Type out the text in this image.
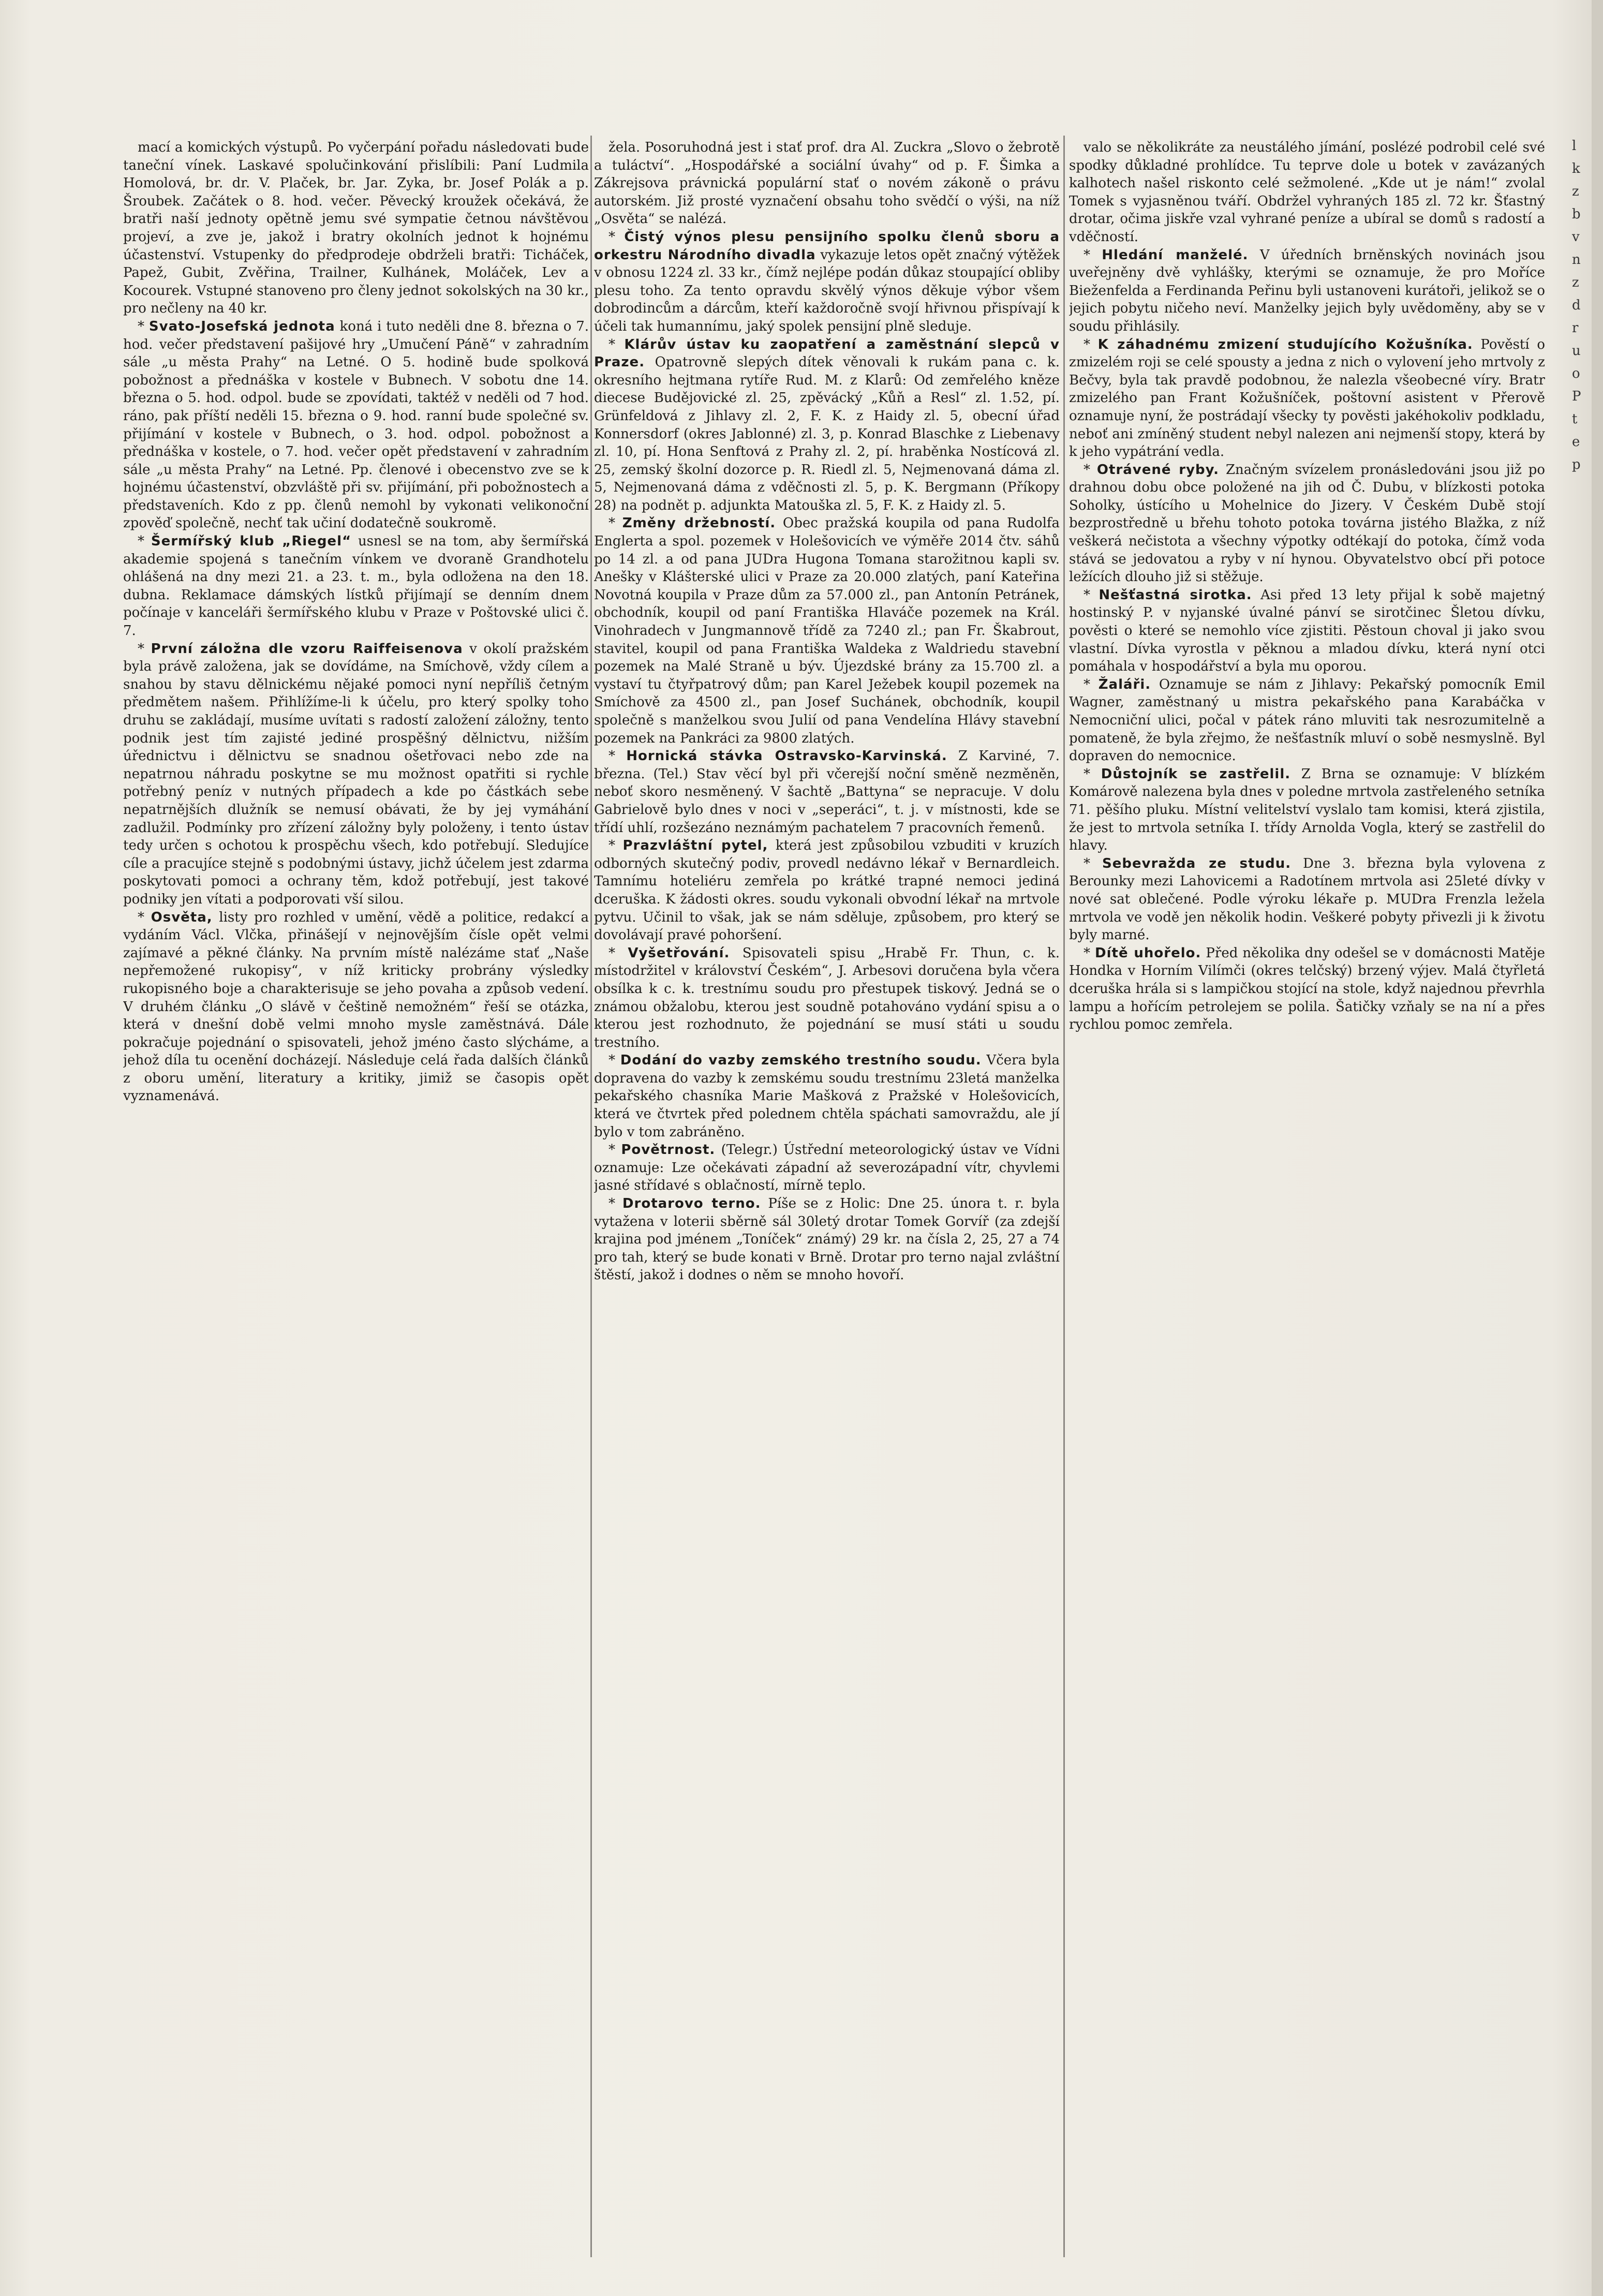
mací a komických výstupů. Po vyčerpání pořadu následovati bude taneční vínek. Laskavé spolučinkování přislíbili: Paní Ludmila Homolová, br. dr. V. Plaček, br. Jar. Zyka, br. Josef Polák a p. Šroubek. Začátek o 8. hod. večer. Pěvecký kroužek očekává, že bratři naší jednoty opětně jemu své sympatie četnou návštěvou projeví, a zve je, jakož i bratry okolních jednot k hojnému účastenství. Vstupenky do předprodeje obdrželi bratři: Ticháček, Papež, Gubit, Zvěřina, Trailner, Kulhánek, Moláček, Lev a Kocourek. Vstupné stanoveno pro členy jednot sokolských na 30 kr., pro nečleny na 40 kr.

* Svato-Josefská jednota koná i tuto neděli dne 8. března o 7. hod. večer představení pašijové hry „Umučení Páně“ v zahradním sále „u města Prahy“ na Letné. O 5. hodině bude spolková pobožnost a přednáška v kostele v Bubnech. V sobotu dne 14. března o 5. hod. odpol. bude se zpovídati, taktéž v neděli od 7 hod. ráno, pak příští neděli 15. března o 9. hod. ranní bude společné sv. přijímání v kostele v Bubnech, o 3. hod. odpol. pobožnost a přednáška v kostele, o 7. hod. večer opět představení v zahradním sále „u města Prahy“ na Letné. Pp. členové i obecenstvo zve se k hojnému účastenství, obzvláště při sv. přijímání, při pobožnostech a představeních. Kdo z pp. členů nemohl by vykonati velikonoční zpověď společně, nechť tak učiní dodatečně soukromě.

* Šermířský klub „Riegel“ usnesl se na tom, aby šermířská akademie spojená s tanečním vínkem ve dvoraně Grandhotelu ohlášená na dny mezi 21. a 23. t. m., byla odložena na den 18. dubna. Reklamace dámských lístků přijímají se denním dnem počínaje v kanceláři šermířského klubu v Praze v Poštovské ulici č. 7.

* První záložna dle vzoru Raiffeisenova v okolí pražském byla právě založena, jak se dovídáme, na Smíchově, vždy cílem a snahou by stavu dělnickému nějaké pomoci nyní nepříliš četným předmětem našem. Přihlížíme-li k účelu, pro který spolky toho druhu se zakládají, musíme uvítati s radostí založení záložny, tento podnik jest tím zajisté jediné prospěšný dělnictvu, nižším úřednictvu i dělnictvu se snadnou ošetřovaci nebo zde na nepatrnou náhradu poskytne se mu možnost opatřiti si rychle potřebný peníz v nutných případech a kde po částkách sebe nepatrnějších dlužník se nemusí obávati, že by jej vymáhání zadlužil. Podmínky pro zřízení záložny byly položeny, i tento ústav tedy určen s ochotou k prospěchu všech, kdo potřebují. Sledujíce cíle a pracujíce stejně s podobnými ústavy, jichž účelem jest zdarma poskytovati pomoci a ochrany těm, kdož potřebují, jest takové podniky jen vítati a podporovati vší silou.

* Osvěta, listy pro rozhled v umění, vědě a politice, redakcí a vydáním Václ. Vlčka, přinášejí v nejnovějším čísle opět velmi zajímavé a pěkné články. Na prvním místě nalézáme stať „Naše nepřemožené rukopisy“, v níž kriticky probrány výsledky rukopisného boje a charakterisuje se jeho povaha a způsob vedení. V druhém článku „O slávě v češtině nemožném“ řeší se otázka, která v dnešní době velmi mnoho mysle zaměstnává. Dále pokračuje pojednání o spisovateli, jehož jméno často slýcháme, a jehož díla tu ocenění docházejí. Následuje celá řada dalších článků z oboru umění, literatury a kritiky, jimiž se časopis opět vyznamenává.

žela. Posoruhodná jest i stať prof. dra Al. Zuckra „Slovo o žebrotě a tuláctví“. „Hospodářské a sociální úvahy“ od p. F. Šimka a Zákrejsova právnická populární stať o novém zákoně o právu autorském. Již prosté vyznačení obsahu toho svědčí o výši, na níž „Osvěta“ se nalézá.

* Čistý výnos plesu pensijního spolku členů sboru a orkestru Národního divadla vykazuje letos opět značný výtěžek v obnosu 1224 zl. 33 kr., čímž nejlépe podán důkaz stoupající obliby plesu toho. Za tento opravdu skvělý výnos děkuje výbor všem dobrodincům a dárcům, kteří každoročně svojí hřivnou přispívají k účeli tak humannímu, jaký spolek pensijní plně sleduje.

* Klárův ústav ku zaopatření a zaměstnání slepců v Praze. Opatrovně slepých dítek věnovali k rukám pana c. k. okresního hejtmana rytíře Rud. M. z Klarů: Od zemřelého kněze diecese Budějovické zl. 25, zpěvácký „Kůň a Resl“ zl. 1.52, pí. Grünfeldová z Jihlavy zl. 2, F. K. z Haidy zl. 5, obecní úřad Konnersdorf (okres Jablonné) zl. 3, p. Konrad Blaschke z Liebenavy zl. 10, pí. Hona Senftová z Prahy zl. 2, pí. hraběnka Nostícová zl. 25, zemský školní dozorce p. R. Riedl zl. 5, Nejmenovaná dáma zl. 5, Nejmenovaná dáma z vděčnosti zl. 5, p. K. Bergmann (Příkopy 28) na podnět p. adjunkta Matouška zl. 5, F. K. z Haidy zl. 5.

* Změny držebností. Obec pražská koupila od pana Rudolfa Englerta a spol. pozemek v Holešovicích ve výměře 2014 čtv. sáhů po 14 zl. a od pana JUDra Hugona Tomana starožitnou kapli sv. Anešky v Klášterské ulici v Praze za 20.000 zlatých, paní Kateřina Novotná koupila v Praze dům za 57.000 zl., pan Antonín Petránek, obchodník, koupil od paní Františka Hlaváče pozemek na Král. Vinohradech v Jungmannově třídě za 7240 zl.; pan Fr. Škabrout, stavitel, koupil od pana Františka Waldeka z Waldriedu stavební pozemek na Malé Straně u býv. Újezdské brány za 15.700 zl. a vystaví tu čtyřpatrový dům; pan Karel Ježebek koupil pozemek na Smíchově za 4500 zl., pan Josef Suchánek, obchodník, koupil společně s manželkou svou Julií od pana Vendelína Hlávy stavební pozemek na Pankráci za 9800 zlatých.

* Hornická stávka Ostravsko-Karvinská. Z Karviné, 7. března. (Tel.) Stav věcí byl při včerejší noční směně nezměněn, neboť skoro nesměnený. V šachtě „Battyna“ se nepracuje. V dolu Gabrielově bylo dnes v noci v „seperáci“, t. j. v místnosti, kde se třídí uhlí, rozšezáno neznámým pachatelem 7 pracovních řemenů.

* Prazvláštní pytel, která jest způsobilou vzbuditi v kruzích odborných skutečný podiv, provedl nedávno lékař v Bernardleich. Tamnímu hoteliéru zemřela po krátké trapné nemoci jediná dceruška. K žádosti okres. soudu vykonali obvodní lékař na mrtvole pytvu. Učinil to však, jak se nám sděluje, způsobem, pro který se dovolávají pravé pohoršení.

* Vyšetřování. Spisovateli spisu „Hrabě Fr. Thun, c. k. místodržitel v království Českém“, J. Arbesovi doručena byla včera obsílka k c. k. trestnímu soudu pro přestupek tiskový. Jedná se o známou obžalobu, kterou jest soudně potahováno vydání spisu a o kterou jest rozhodnuto, že pojednání se musí státi u soudu trestního.

* Dodání do vazby zemského trestního soudu. Včera byla dopravena do vazby k zemskému soudu trestnímu 23letá manželka pekařského chasníka Marie Mašková z Pražské v Holešovicích, která ve čtvrtek před polednem chtěla spáchati samovraždu, ale jí bylo v tom zabráněno.

* Povětrnost. (Telegr.) Ústřední meteorologický ústav ve Vídni oznamuje: Lze očekávati západní až severozápadní vítr, chyvlemi jasné střídavé s oblačností, mírně teplo.

* Drotarovo terno. Píše se z Holic: Dne 25. února t. r. byla vytažena v loterii sběrně sál 30letý drotar Tomek Gorvíř (za zdejší krajina pod jménem „Toníček“ známý) 29 kr. na čísla 2, 25, 27 a 74 pro tah, který se bude konati v Brně. Drotar pro terno najal zvláštní štěstí, jakož i dodnes o něm se mnoho hovoří.

valo se několikráte za neustálého jímání, poslézé podrobil celé své spodky důkladné prohlídce. Tu teprve dole u botek v zavázaných kalhotech našel riskonto celé sežmolené. „Kde ut je nám!“ zvolal Tomek s vyjasněnou tváří. Obdržel vyhraných 185 zl. 72 kr. Šťastný drotar, očima jiskře vzal vyhrané peníze a ubíral se domů s radostí a vděčností.

* Hledání manželé. V úředních brněnských novinách jsou uveřejněny dvě vyhlášky, kterými se oznamuje, že pro Moříce Bieženfelda a Ferdinanda Peřinu byli ustanoveni kurátoři, jelikož se o jejich pobytu ničeho neví. Manželky jejich byly uvědoměny, aby se v soudu přihlásily.

* K záhadnému zmizení studujícího Kožušníka. Pověstí o zmizelém roji se celé spousty a jedna z nich o vylovení jeho mrtvoly z Bečvy, byla tak pravdě podobnou, že nalezla všeobecné víry. Bratr zmizelého pan Frant Kožušníček, poštovní asistent v Přerově oznamuje nyní, že postrádají všecky ty pověsti jakéhokoliv podkladu, neboť ani zmíněný student nebyl nalezen ani nejmenší stopy, která by k jeho vypátrání vedla.

* Otrávené ryby. Značným svízelem pronásledováni jsou již po drahnou dobu obce položené na jih od Č. Dubu, v blízkosti potoka Soholky, ústícího u Mohelnice do Jizery. V Českém Dubě stojí bezprostředně u břehu tohoto potoka továrna jistého Blažka, z níž veškerá nečistota a všechny výpotky odtékají do potoka, čímž voda stává se jedovatou a ryby v ní hynou. Obyvatelstvo obcí při potoce ležících dlouho již si stěžuje.

* Nešťastná sirotka. Asi před 13 lety přijal k sobě majetný hostinský P. v nyjanské úvalné pánví se sirotčinec Šletou dívku, pověsti o které se nemohlo více zjistiti. Pěstoun choval ji jako svou vlastní. Dívka vyrostla v pěknou a mladou dívku, která nyní otci pomáhala v hospodářství a byla mu oporou.

* Žaláři. Oznamuje se nám z Jihlavy: Pekařský pomocník Emil Wagner, zaměstnaný u mistra pekařského pana Karabáčka v Nemocniční ulici, počal v pátek ráno mluviti tak nesrozumitelně a pomateně, že byla zřejmo, že nešťastník mluví o sobě nesmyslně. Byl dopraven do nemocnice.

* Důstojník se zastřelil. Z Brna se oznamuje: V blízkém Komárově nalezena byla dnes v poledne mrtvola zastřeleného setníka 71. pěšího pluku. Místní velitelství vyslalo tam komisi, která zjistila, že jest to mrtvola setníka I. třídy Arnolda Vogla, který se zastřelil do hlavy.

* Sebevražda ze studu. Dne 3. března byla vylovena z Berounky mezi Lahovicemi a Radotínem mrtvola asi 25leté dívky v nové sat oblečené. Podle výroku lékaře p. MUDra Frenzla ležela mrtvola ve vodě jen několik hodin. Veškeré pobyty přivezli ji k životu byly marné.

* Dítě uhořelo. Před několika dny odešel se v domácnosti Matěje Hondka v Horním Vilímči (okres telčský) brzený výjev. Malá čtyřletá dceruška hrála si s lampičkou stojící na stole, když najednou převrhla lampu a hořícím petrolejem se polila. Šatičky vzňaly se na ní a přes rychlou pomoc zemřela.

l
k
z
b
v
n
z
d
r
u
o
P
t
e
p
